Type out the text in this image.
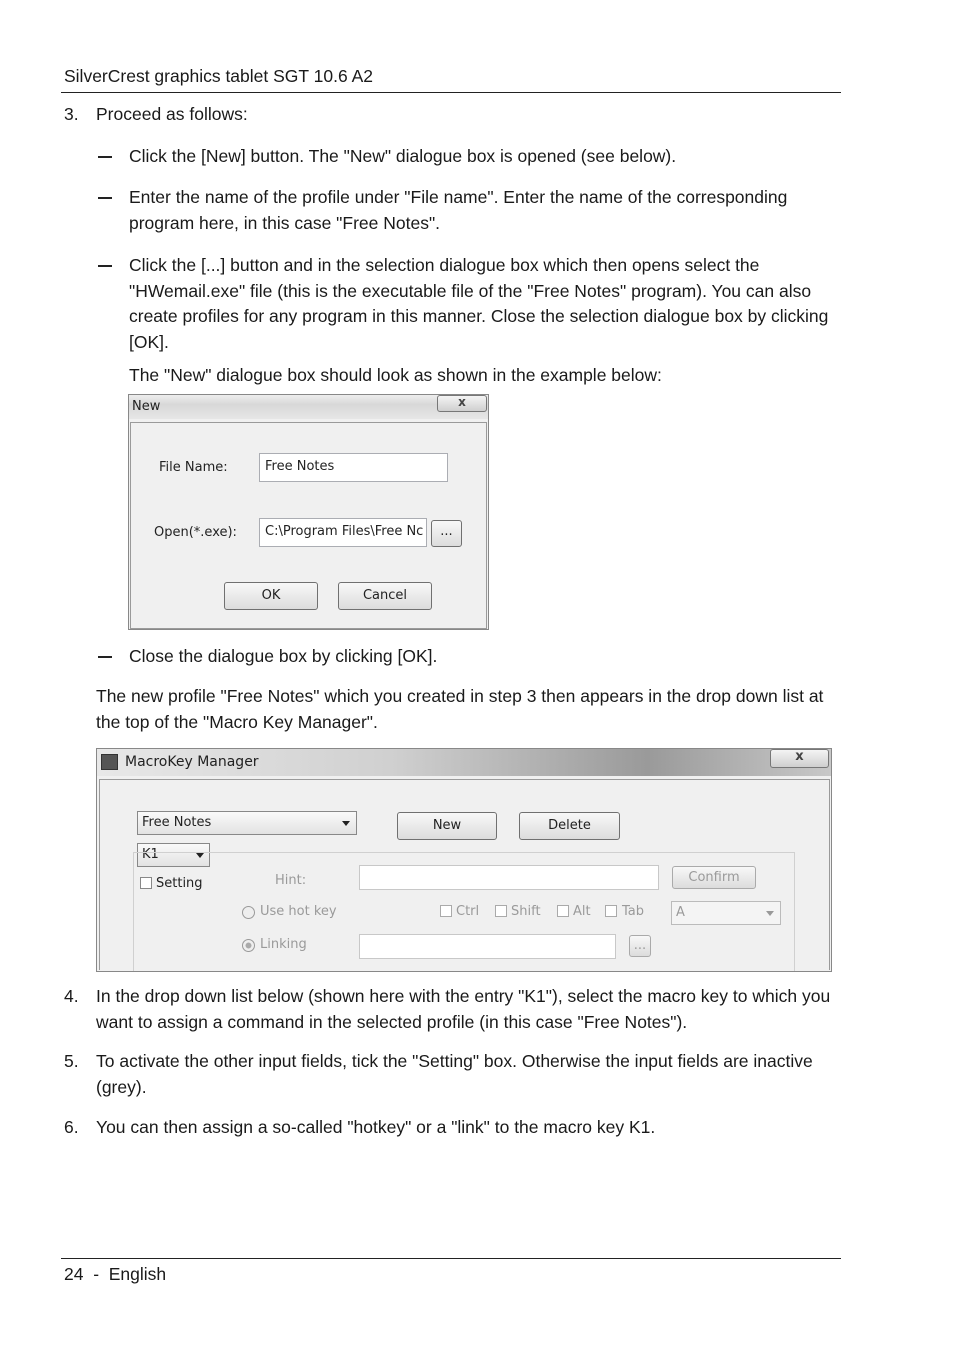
SilverCrest graphics tablet SGT 10.6 A2
3. Proceed as follows:
Click the [New] button. The "New" dialogue box is opened (see below).
Enter the name of the profile under "File name". Enter the name of the corresponding
program here, in this case "Free Notes".
Click the [...] button and in the selection dialogue box which then opens select the
"HWemail.exe" file (this is the executable file of the "Free Notes" program). You can also
create profiles for any program in this manner. Close the selection dialogue box by clicking
[OK].
The "New" dialogue box should look as shown in the example below:
New	x
File Name:	Free Notes
Open(*.exe):	C:\Program Files\Free Nc	...
OK	Cancel
Close the dialogue box by clicking [OK].
The new profile "Free Notes" which you created in step 3 then appears in the drop down list at
the top of the "Macro Key Manager".
MacroKey Manager	x
Free Notes	New	Delete
K1
Setting	Hint:	Confirm
Use hot key	Ctrl Shift Alt Tab	A
Linking	...
4. In the drop down list below (shown here with the entry "K1"), select the macro key to which you
want to assign a command in the selected profile (in this case "Free Notes").
5. To activate the other input fields, tick the "Setting" box. Otherwise the input fields are inactive
(grey).
6. You can then assign a so-called "hotkey" or a "link" to the macro key K1.
24  -  English
